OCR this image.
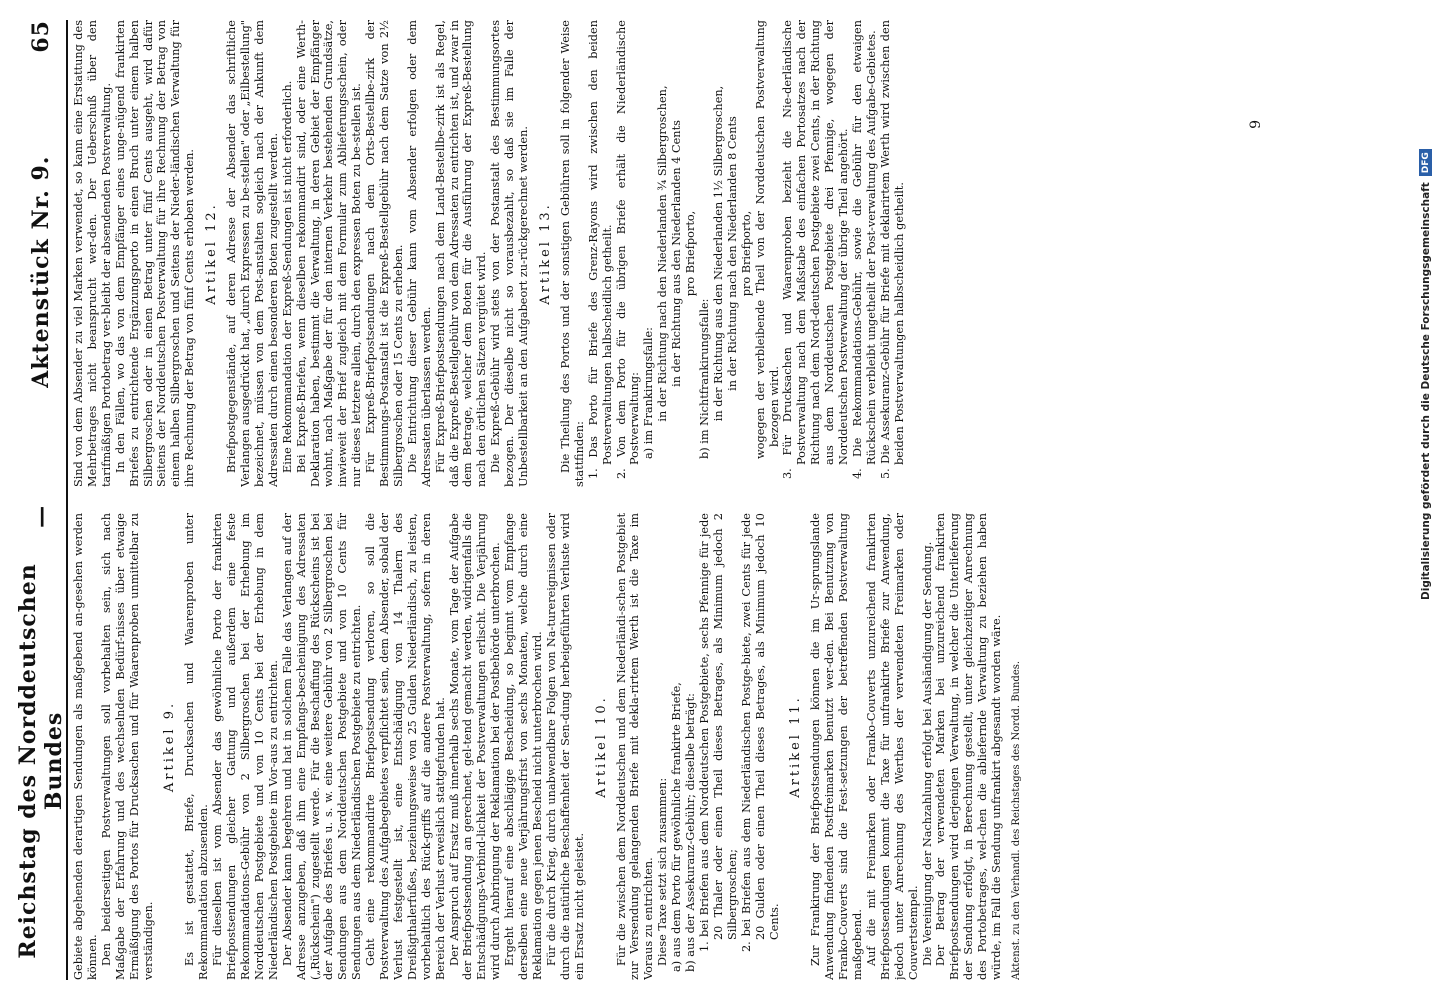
Reichstag des Norddeutschen Bundes
—
Aktenstück Nr. 9.
65

Gebiete abgehenden derartigen Sendungen als maßgebend an-gesehen werden können. Den beiderseitigen Postverwaltungen soll vorbehalten sein, sich nach Maßgabe der Erfahrung und des wechselnden Bedürf-nisses über etwaige Ermäßigung des Portos für Drucksachen und für Waarenproben unmittelbar zu verständigen.

Artikel 9. Es ist gestattet, Briefe, Drucksachen und Waarenproben unter Rekommandation abzusenden. Für dieselben ist vom Absender das gewöhnliche Porto der frankirten Briefpostsendungen gleicher Gattung und außerdem eine feste Rekommandations-Gebühr von 2 Silbergroschen bei der Erhebung im Norddeutschen Postgebiete und von 10 Cents bei der Erhebung in dem Niederländischen Postgebiete im Vor-aus zu entrichten. Der Absender kann begehren und hat in solchem Falle das Verlangen auf der Adresse anzugeben, daß ihm eine Empfangs-bescheinigung des Adressaten („Rückschein") zugestellt werde. Für die Beschaffung des Rückscheins ist bei der Aufgabe des Briefes u. s. w. eine weitere Gebühr von 2 Silbergroschen bei Sendungen aus dem Norddeutschen Postgebiete und von 10 Cents für Sendungen aus dem Niederländischen Postgebiete zu entrichten. Geht eine rekommandirte Briefpostsendung verloren, so soll die Postverwaltung des Aufgabegebietes verpflichtet sein, dem Absender, sobald der Verlust festgestellt ist, eine Entschädigung von 14 Thalern des Dreißigthalerfußes, beziehungsweise von 25 Gulden Niederländisch, zu leisten, vorbehaltlich des Rück-griffs auf die andere Postverwaltung, sofern in deren Bereich der Verlust erweislich stattgefunden hat. Der Anspruch auf Ersatz muß innerhalb sechs Monate, vom Tage der Aufgabe der Briefpostsendung an gerechnet, gel-tend gemacht werden, widrigenfalls die Entschädigungs-Verbind-lichkeit der Postverwaltungen erlischt. Die Verjährung wird durch Anbringung der Reklamation bei der Postbehörde unterbrochen. Ergeht hierauf eine abschlägige Bescheidung, so beginnt vom Empfange derselben eine neue Verjährungsfrist von sechs Monaten, welche durch eine Reklamation gegen jenen Bescheid nicht unterbrochen wird. Für die durch Krieg, durch unabwendbare Folgen von Na-turereignissen oder durch die natürliche Beschaffenheit der Sen-dung herbeigeführten Verluste wird ein Ersatz nicht geleistet.

Artikel 10. Für die zwischen dem Norddeutschen und dem Niederländi-schen Postgebiet zur Versendung gelangenden Briefe mit dekla-rirtem Werth ist die Taxe im Voraus zu entrichten. Diese Taxe setzt sich zusammen: a) aus dem Porto für gewöhnliche frankirte Briefe, b) aus der Assekuranz-Gebühr; dieselbe beträgt: 1. bei Briefen aus dem Norddeutschen Postgebiete, sechs Pfennige für jede 20 Thaler oder einen Theil dieses Betrages, als Minimum jedoch 2 Silbergroschen; 2. bei Briefen aus dem Niederländischen Postge-biete, zwei Cents für jede 20 Gulden oder einen Theil dieses Betrages, als Minimum jedoch 10 Cents.

Artikel 11. Zur Frankirung der Briefpostsendungen können die im Ur-sprungslande Anwendung findenden Postfreimarken benutzt wer-den. Bei Benutzung von Franko-Couverts sind die Fest-setzungen der betreffenden Postverwaltung maßgebend. Auf die mit Freimarken oder Franko-Couverts unzureichend frankirten Briefpostsendungen kommt die Taxe für unfrankirte Briefe zur Anwendung, jedoch unter Anrechnung des Werthes der verwendeten Freimarken oder Couvertstempel. Die Vereinigung der Nachzahlung erfolgt bei Aushändigung der Sendung. Der Betrag der verwendeten Marken bei unzureichend frankirten Briefpostsendungen wird derjenigen Verwaltung, in welcher die Unterlieferung der Sendung erfolgt, in Berechnung gestellt, unter gleichzeitiger Anrechnung des Portobetrages, wel-chen die abliefernde Verwaltung zu beziehen haben würde, im Fall die Sendung unfrankirt abgesandt worden wäre. Aktenst. zu den Verhandl. des Reichstages des Nordd. Bundes.

Sind von dem Absender zu viel Marken verwendet, so kann eine Erstattung des Mehrbetrages nicht beansprucht wer-den. Der Ueberschuß über den tarifmäßigen Portobetrag ver-bleibt der absendenden Postverwaltung. In den Fällen, wo das von dem Empfänger eines unge-nügend frankirten Briefes zu entrichtende Ergänzungsporto in einen Bruch unter einem halben Silbergroschen oder in einen Betrag unter fünf Cents ausgeht, wird dafür Seitens der Norddeutschen Postverwaltung für ihre Rechnung der Betrag von einem halben Silbergroschen und Seitens der Nieder-ländischen Verwaltung für ihre Rechnung der Betrag von fünf Cents erhoben werden. Artikel 12. Briefpostgegenstände, auf deren Adresse der Absender das schriftliche Verlangen ausgedrückt hat, „durch Expressen zu be-stellen" oder „Eilbestellung" bezeichnet, müssen von dem Post-anstalten sogleich nach der Ankunft dem Adressaten durch einen besonderen Boten zugestellt werden. Eine Rekommandation der Expreß-Sendungen ist nicht erforderlich. Bei Expreß-Briefen, wenn dieselben rekommandirt sind, oder eine Werth-Deklaration haben, bestimmt die Verwaltung, in deren Gebiet der Empfänger wohnt, nach Maßgabe der für den internen Verkehr bestehenden Grundsätze, inwieweit der Brief zugleich mit dem Formular zum Ablieferungsschein, oder nur dieses letztere allein, durch den expressen Boten zu be-stellen ist. Für Expreß-Briefpostsendungen nach dem Orts-Bestellbe-zirk der Bestimmungs-Postanstalt ist die Expreß-Bestellgebühr nach dem Satze von 2½ Silbergroschen oder 15 Cents zu erheben. Die Entrichtung dieser Gebühr kann vom Absender erfolgen oder dem Adressaten überlassen werden. Für Expreß-Briefpostsendungen nach dem Land-Bestellbe-zirk ist als Regel, daß die Expreß-Bestellgebühr von dem Adressaten zu entrichten ist, und zwar in dem Betrage, welcher dem Boten für die Ausführung der Expreß-Bestellung nach den örtlichen Sätzen vergütet wird. Die Expreß-Gebühr wird stets von der Postanstalt des Bestimmungsortes bezogen. Der dieselbe nicht so vorausbezahlt, so daß sie im Falle der Unbestellbarkeit an den Aufgabeort zu-rückgerechnet werden. Artikel 13. Die Theilung des Portos und der sonstigen Gebühren soll in folgender Weise stattfinden: 1. Das Porto für Briefe des Grenz-Rayons wird zwischen den beiden Postverwaltungen halbscheidlich getheilt. 2. Von dem Porto für die übrigen Briefe erhält die Niederländische Postverwaltung: a) im Frankirungsfalle: in der Richtung nach den Niederlanden ¾ Silbergroschen, in der Richtung aus den Niederlanden 4 Cents pro Briefporto,

b) im Nichtfrankirungsfalle: in der Richtung aus den Niederlanden 1½ Silbergroschen, in der Richtung nach den Niederlanden 8 Cents pro Briefporto, wogegen der verbleibende Theil von der Norddeutschen Postverwaltung bezogen wird. 3. Für Drucksachen und Waarenproben bezieht die Nie-derländische Postverwaltung nach dem Maßstabe des einfachen Portosatzes nach der Richtung nach dem Nord-deutschen Postgebiete zwei Cents, in der Richtung aus dem Norddeutschen Postgebiete drei Pfennige, wogegen der Norddeutschen Postverwaltung der übrige Theil angehört. 4. Die Rekommandations-Gebühr, sowie die Gebühr für den etwaigen Rückschein verbleibt ungetheilt der Post-verwaltung des Aufgabe-Gebietes. 5. Die Assekuranz-Gebühr für Briefe mit deklarirtem Werth wird zwischen den beiden Postverwaltungen halbscheidlich getheilt.

9
Digitalisierung gefördert durch die Deutsche Forschungsgemeinschaft
DFG
